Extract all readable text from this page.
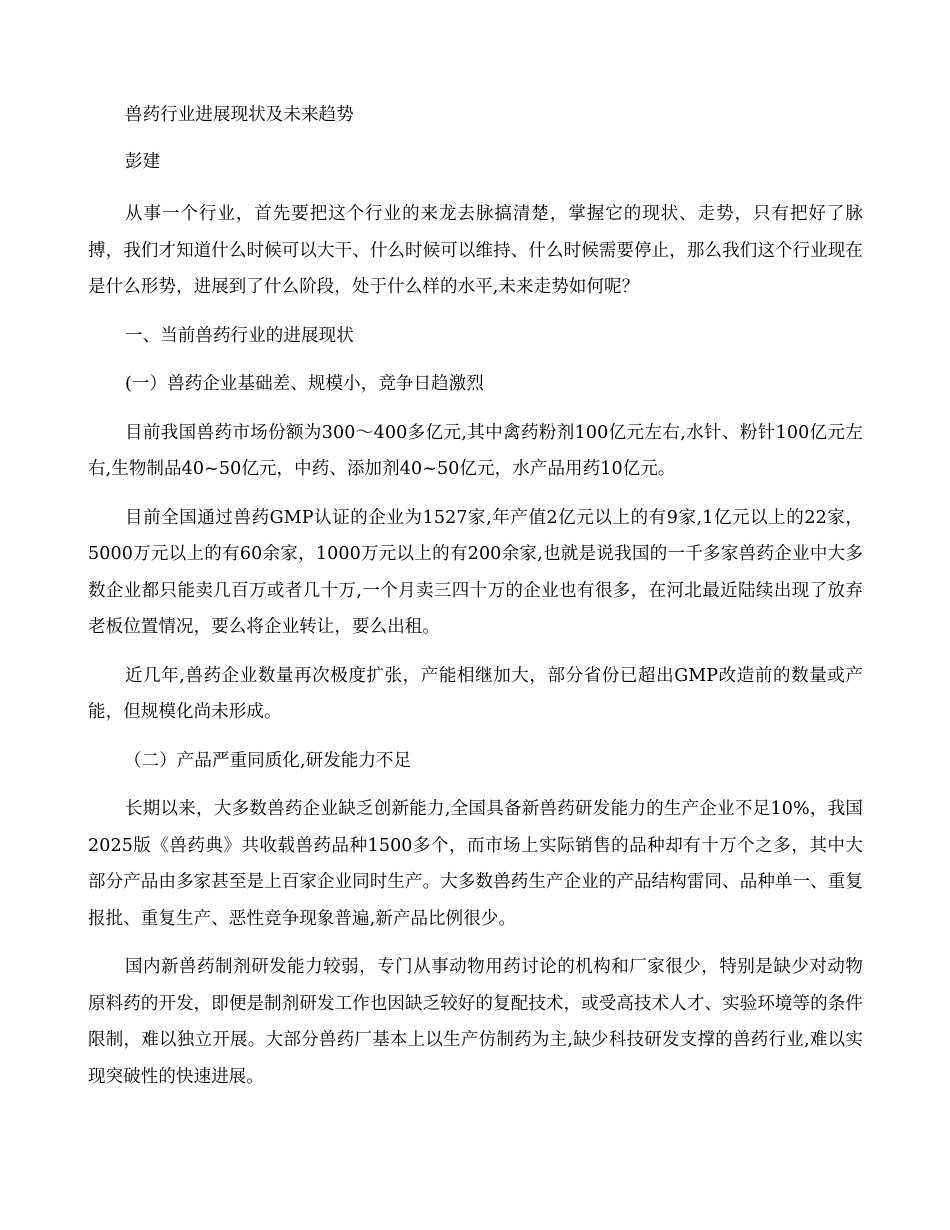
兽药行业进展现状及未来趋势

彭建

从事一个行业，首先要把这个行业的来龙去脉搞清楚，掌握它的现状、走势，只有把好了脉搏，我们才知道什么时候可以大干、什么时候可以维持、什么时候需要停止，那么我们这个行业现在是什么形势，进展到了什么阶段，处于什么样的水平,未来走势如何呢？

一、当前兽药行业的进展现状

(一）兽药企业基础差、规模小，竞争日趋激烈

目前我国兽药市场份额为300～400多亿元,其中禽药粉剂100亿元左右,水针、粉针100亿元左右,生物制品40~50亿元，中药、添加剂40~50亿元，水产品用药10亿元。

目前全国通过兽药GMP认证的企业为1527家,年产值2亿元以上的有9家,1亿元以上的22家，5000万元以上的有60余家，1000万元以上的有200余家,也就是说我国的一千多家兽药企业中大多数企业都只能卖几百万或者几十万,一个月卖三四十万的企业也有很多，在河北最近陆续出现了放弃老板位置情况，要么将企业转让，要么出租。

近几年,兽药企业数量再次极度扩张，产能相继加大，部分省份已超出GMP改造前的数量或产能，但规模化尚未形成。

（二）产品严重同质化,研发能力不足

长期以来，大多数兽药企业缺乏创新能力,全国具备新兽药研发能力的生产企业不足10%，我国2025版《兽药典》共收载兽药品种1500多个，而市场上实际销售的品种却有十万个之多，其中大部分产品由多家甚至是上百家企业同时生产。大多数兽药生产企业的产品结构雷同、品种单一、重复报批、重复生产、恶性竞争现象普遍,新产品比例很少。

国内新兽药制剂研发能力较弱，专门从事动物用药讨论的机构和厂家很少，特别是缺少对动物原料药的开发，即便是制剂研发工作也因缺乏较好的复配技术，或受高技术人才、实验环境等的条件限制，难以独立开展。大部分兽药厂基本上以生产仿制药为主,缺少科技研发支撑的兽药行业,难以实现突破性的快速进展。
